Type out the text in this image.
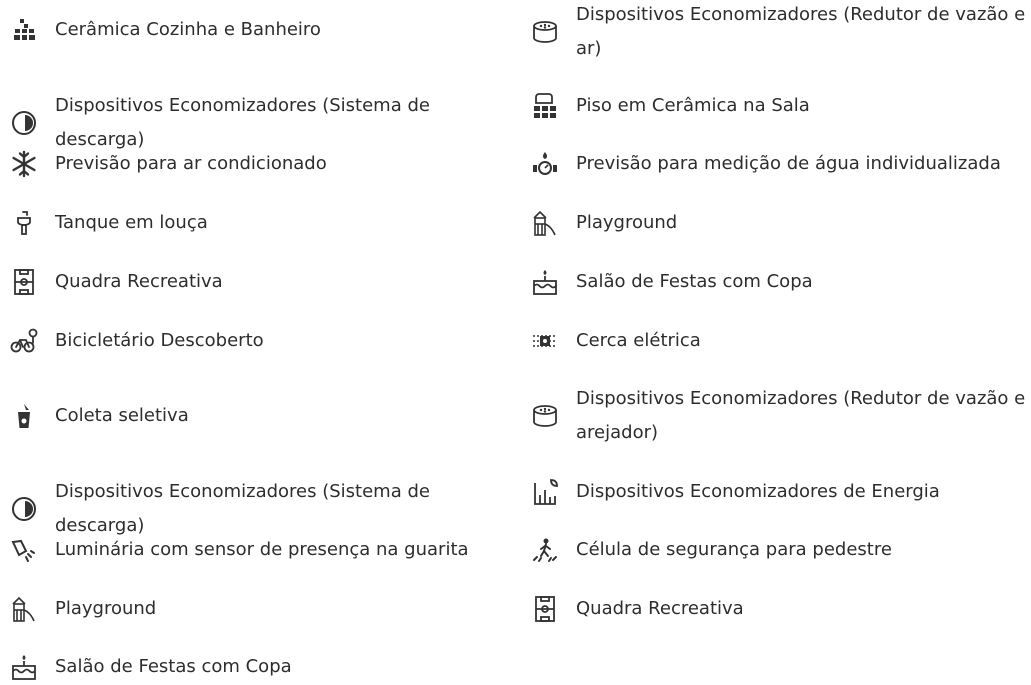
Cerâmica Cozinha e Banheiro
Dispositivos Economizadores (Sistema de descarga)
Previsão para ar condicionado
Tanque em louça
Quadra Recreativa
Bicicletário Descoberto
Coleta seletiva
Dispositivos Economizadores (Sistema de descarga)
Luminária com sensor de presença na guarita
Playground
Salão de Festas com Copa
Dispositivos Economizadores (Redutor de vazão e ar)
Piso em Cerâmica na Sala
Previsão para medição de água individualizada
Playground
Salão de Festas com Copa
Cerca elétrica
Dispositivos Economizadores (Redutor de vazão e arejador)
Dispositivos Economizadores de Energia
Célula de segurança para pedestre
Quadra Recreativa
